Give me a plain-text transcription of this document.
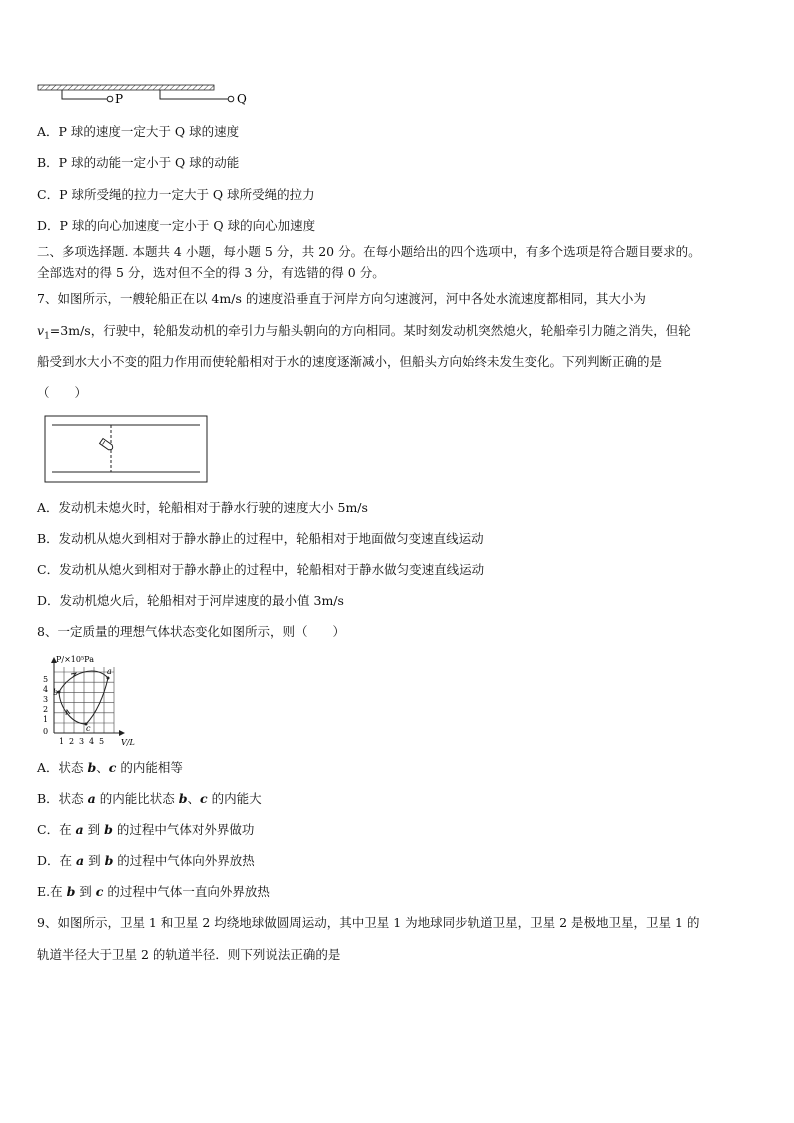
P	Q
A．P 球的速度一定大于 Q 球的速度
B．P 球的动能一定小于 Q 球的动能
C．P 球所受绳的拉力一定大于 Q 球所受绳的拉力
D．P 球的向心加速度一定小于 Q 球的向心加速度
二、多项选择题. 本题共 4 小题，每小题 5 分，共 20 分。在每小题给出的四个选项中，有多个选项是符合题目要求的。
全部选对的得 5 分，选对但不全的得 3 分，有选错的得 0 分。
7、如图所示，一艘轮船正在以 4m/s 的速度沿垂直于河岸方向匀速渡河，河中各处水流速度都相同，其大小为
$v_1=3m/s$，行驶中，轮船发动机的牵引力与船头朝向的方向相同。某时刻发动机突然熄火，轮船牵引力随之消失，但轮
船受到水大小不变的阻力作用而使轮船相对于水的速度逐渐减小，但船头方向始终未发生变化。下列判断正确的是
（　　）
A．发动机未熄火时，轮船相对于静水行驶的速度大小 5m/s
B．发动机从熄火到相对于静水静止的过程中，轮船相对于地面做匀变速直线运动
C．发动机从熄火到相对于静水静止的过程中，轮船相对于静水做匀变速直线运动
D．发动机熄火后，轮船相对于河岸速度的最小值 3m/s
8、一定质量的理想气体状态变化如图所示，则（　　）
P/×10⁵Pa
V/L
5
4
3
2
1
0
1 2 3 4 5
a
b
c
A．状态 b、c 的内能相等
B．状态 a 的内能比状态 b、c 的内能大
C．在 a 到 b 的过程中气体对外界做功
D．在 a 到 b 的过程中气体向外界放热
E.在 b 到 c 的过程中气体一直向外界放热
9、如图所示，卫星 1 和卫星 2 均绕地球做圆周运动，其中卫星 1 为地球同步轨道卫星，卫星 2 是极地卫星，卫星 1 的
轨道半径大于卫星 2 的轨道半径．则下列说法正确的是
